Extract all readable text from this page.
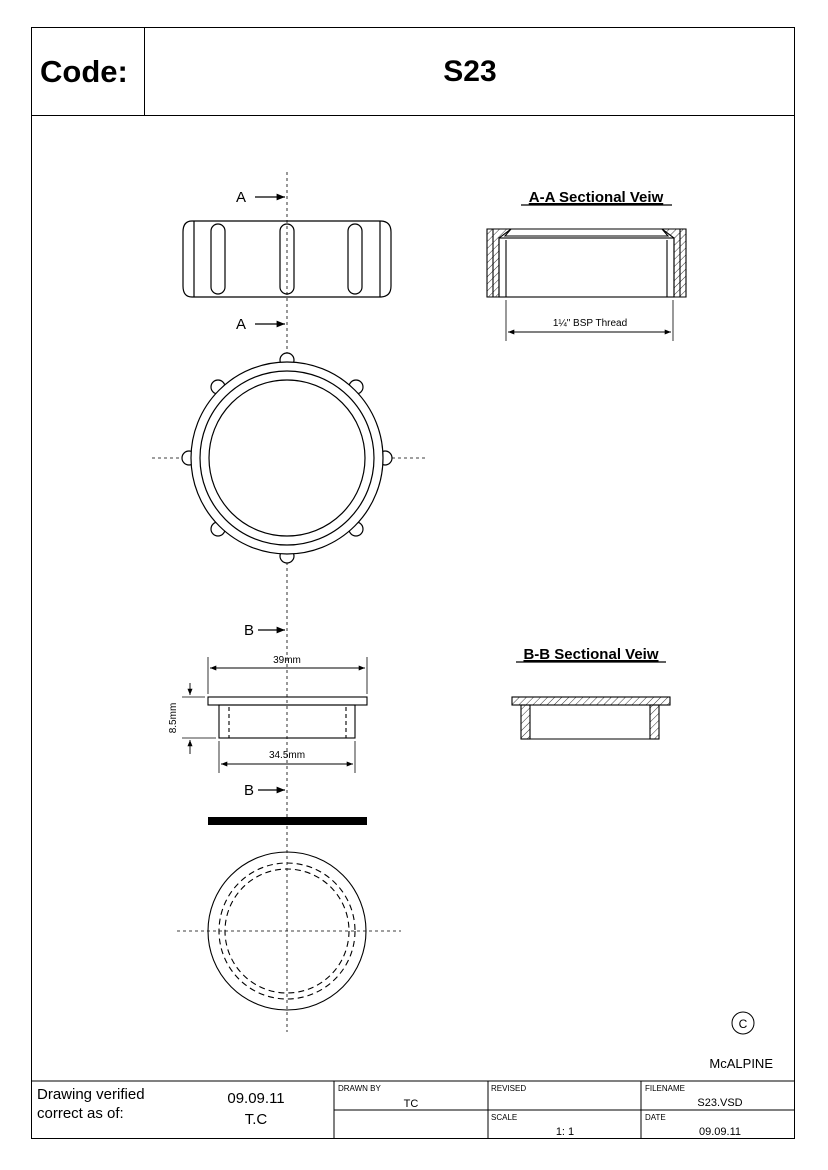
Code:	S23
A
A
A-A Sectional Veiw
1¼" BSP Thread
B
B
39mm
34.5mm
8.5mm
B-B Sectional Veiw
C
McALPINE
Drawing verified correct as of:
09.09.11
T.C
DRAWN BY
TC
REVISED
SCALE
1: 1
FILENAME
S23.VSD
DATE
09.09.11
